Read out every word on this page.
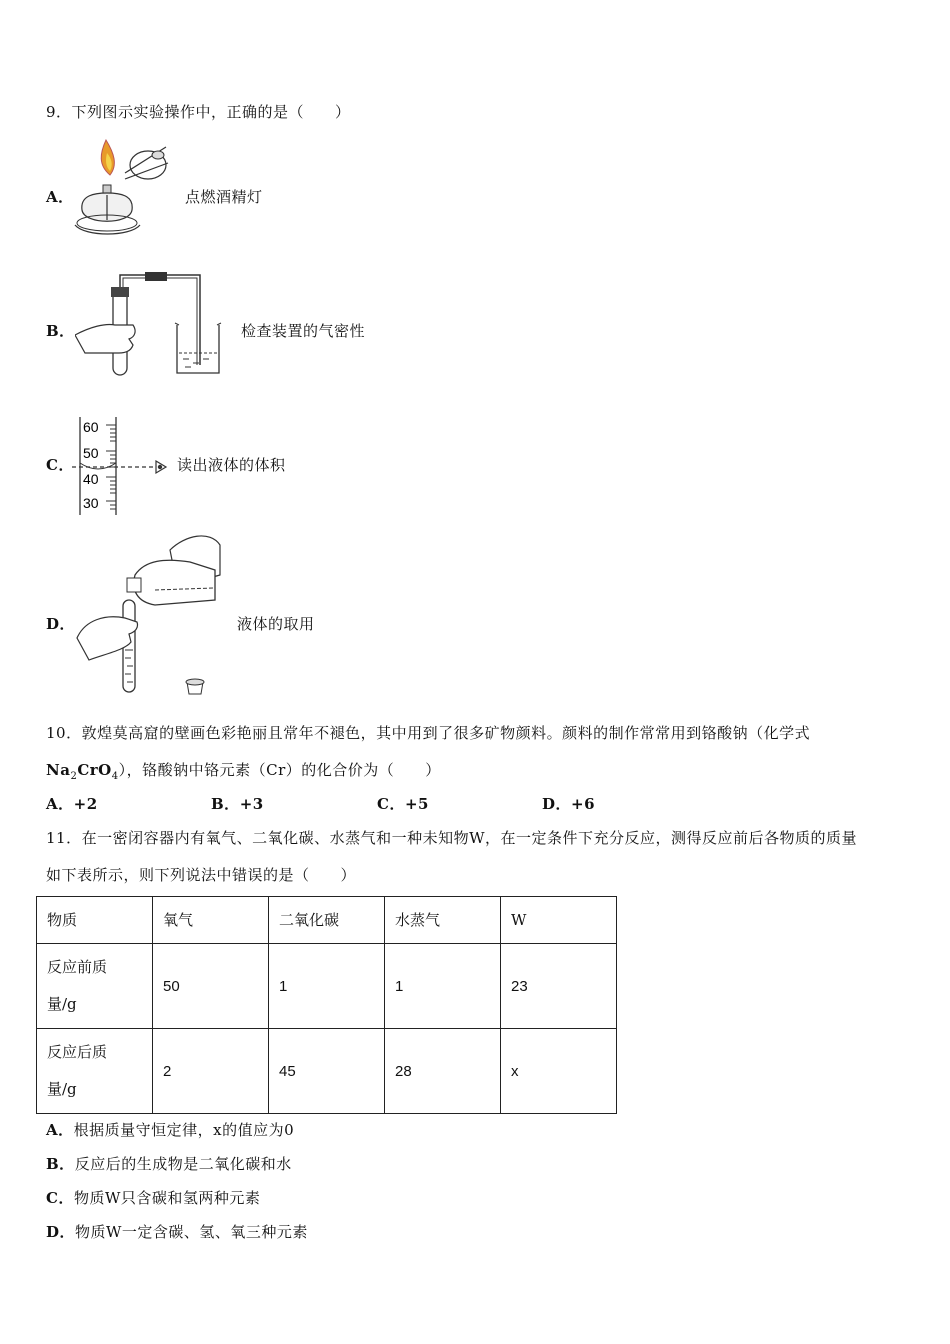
9．下列图示实验操作中，正确的是（　　）
A．	点燃酒精灯
B．	检查装置的气密性
C．
60
50
40
30
读出液体的体积
D．	液体的取用
10．敦煌莫高窟的壁画色彩艳丽且常年不褪色，其中用到了很多矿物颜料。颜料的制作常常用到铬酸钠（化学式
$Na_2CrO_4$），铬酸钠中铬元素（Cr）的化合价为（　　）
A．+2	B．+3	C．+5	D．+6
11．在一密闭容器内有氧气、二氧化碳、水蒸气和一种未知物W，在一定条件下充分反应，测得反应前后各物质的质量
如下表所示，则下列说法中错误的是（　　）
物质	氧气	二氧化碳	水蒸气	W

反应前质
量/g	50	1	1	23

反应后质
量/g	2	45	28	x
A．根据质量守恒定律，x的值应为0
B．反应后的生成物是二氧化碳和水
C．物质W只含碳和氢两种元素
D．物质W一定含碳、氢、氧三种元素
